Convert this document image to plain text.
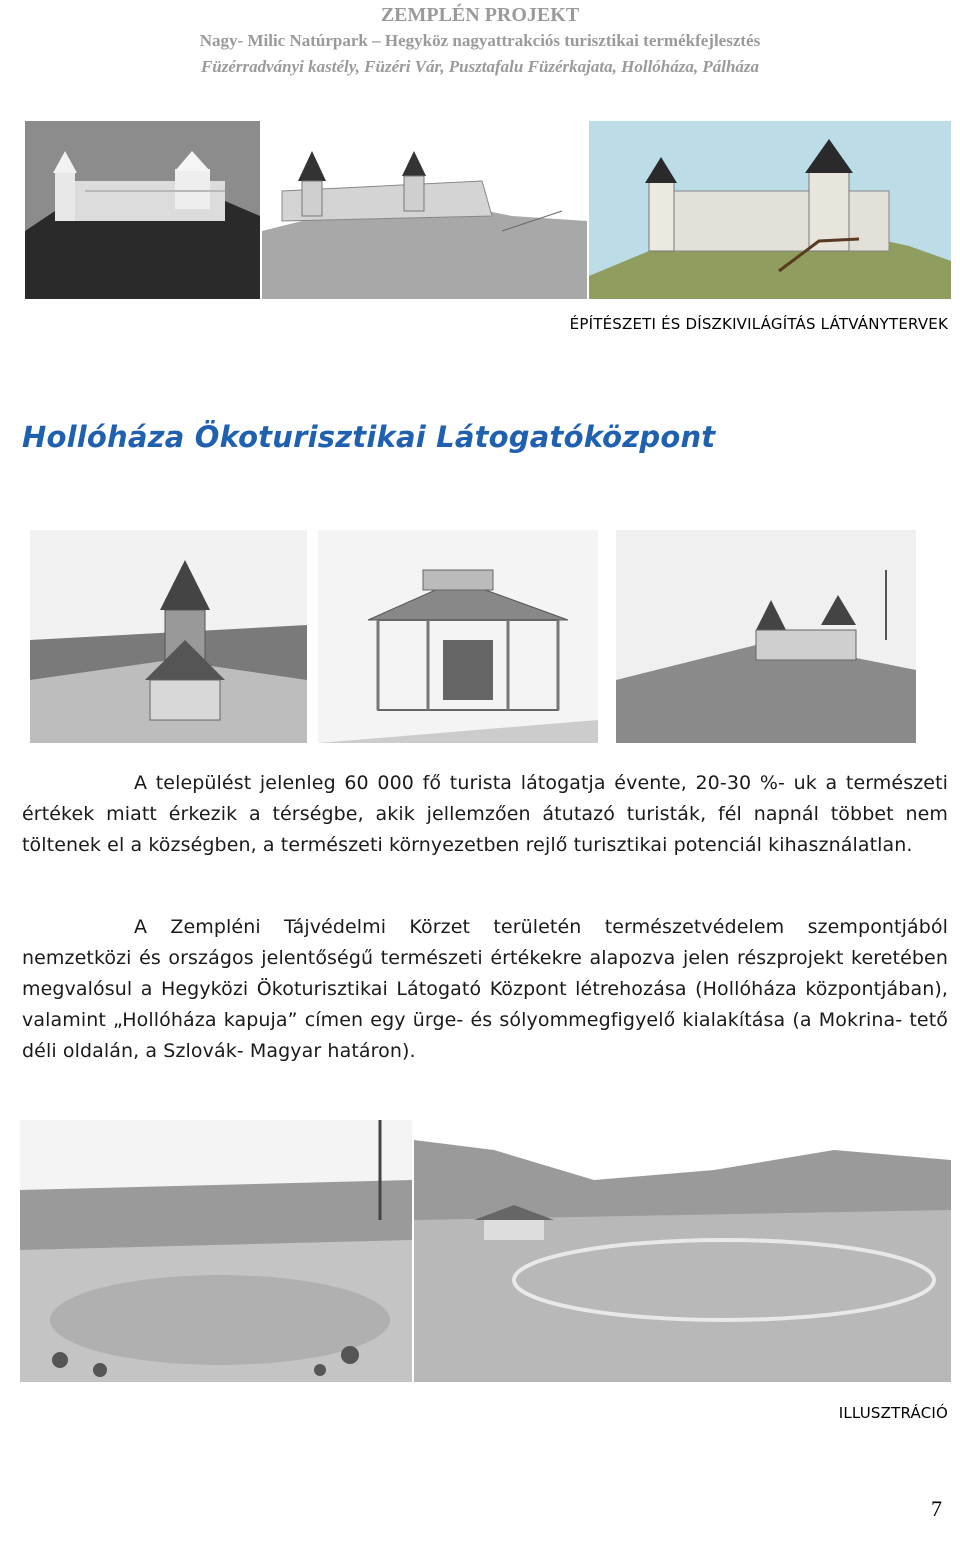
ZEMPLÉN PROJEKT
Nagy- Milic Natúrpark – Hegyköz nagyattrakciós turisztikai termékfejlesztés
Füzérradványi kastély, Füzéri Vár, Pusztafalu Füzérkajata, Hollóháza, Pálháza
ÉPÍTÉSZETI ÉS DÍSZKIVILÁGÍTÁS LÁTVÁNYTERVEK
Hollóháza Ökoturisztikai Látogatóközpont

A települést jelenleg 60 000 fő turista látogatja évente, 20-30 %- uk a természeti értékek miatt érkezik a térségbe, akik jellemzően átutazó turisták, fél napnál többet nem töltenek el a községben, a természeti környezetben rejlő turisztikai potenciál kihasználatlan.

A Zempléni Tájvédelmi Körzet területén természetvédelem szempontjából nemzetközi és országos jelentőségű természeti értékekre alapozva jelen részprojekt keretében megvalósul a Hegyközi Ökoturisztikai Látogató Központ létrehozása (Hollóháza központjában), valamint „Hollóháza kapuja” címen egy ürge- és sólyommegfigyelő kialakítása (a Mokrina- tető déli oldalán, a Szlovák- Magyar határon).

ILLUSZTRÁCIÓ
7
